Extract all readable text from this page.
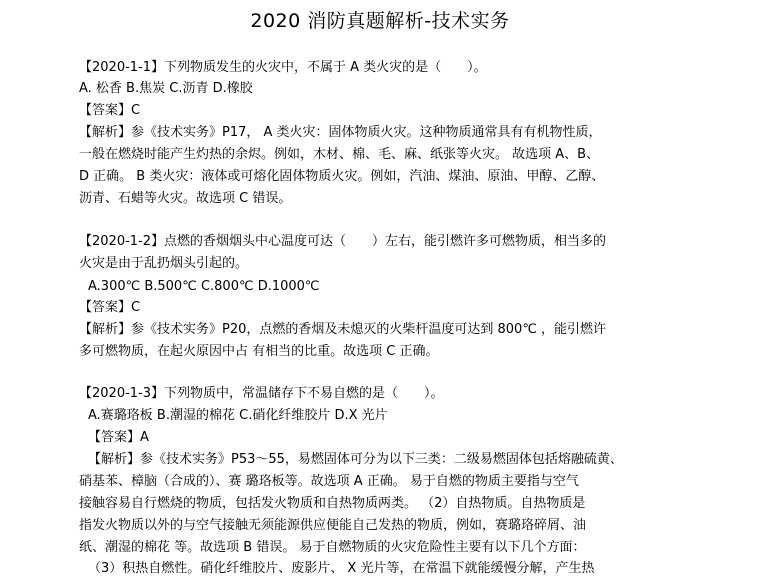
2020 消防真题解析-技术实务
【2020-1-1】下列物质发生的火灾中，不属于 A 类火灾的是（　　）。
A. 松香 B.焦炭 C.沥青 D.橡胶
【答案】C
【解析】参《技术实务》P17， A 类火灾：固体物质火灾。这种物质通常具有有机物性质，
一般在燃烧时能产生灼热的余烬。例如，木材、棉、毛、麻、纸张等火灾。 故选项 A、B、
D 正确。 B 类火灾：液体或可熔化固体物质火灾。例如，汽油、煤油、原油、甲醇、乙醇、
沥青、石蜡等火灾。故选项 C 错误。
【2020-1-2】点燃的香烟烟头中心温度可达（　　）左右，能引燃许多可燃物质，相当多的
火灾是由于乱扔烟头引起的。
A.300℃ B.500℃ C.800℃ D.1000℃
【答案】C
【解析】参《技术实务》P20，点燃的香烟及未熄灭的火柴杆温度可达到 800℃ ，能引燃许
多可燃物质，在起火原因中占 有相当的比重。故选项 C 正确。
【2020-1-3】下列物质中，常温储存下不易自燃的是（　　）。
A.赛璐珞板 B.潮湿的棉花 C.硝化纤维胶片 D.X 光片
【答案】A
【解析】参《技术实务》P53～55，易燃固体可分为以下三类：二级易燃固体包括熔融硫黄、
硝基苯、樟脑（合成的）、赛 璐珞板等。故选项 A 正确。 易于自燃的物质主要指与空气
接触容易自行燃烧的物质，包括发火物质和自热物质两类。 （2）自热物质。自热物质是
指发火物质以外的与空气接触无须能源供应便能自己发热的物质，例如，赛璐珞碎屑、油
纸、潮湿的棉花 等。故选项 B 错误。 易于自燃物质的火灾危险性主要有以下几个方面：
（3）积热自燃性。硝化纤维胶片、废影片、 X 光片等，在常温下就能缓慢分解，产生热
